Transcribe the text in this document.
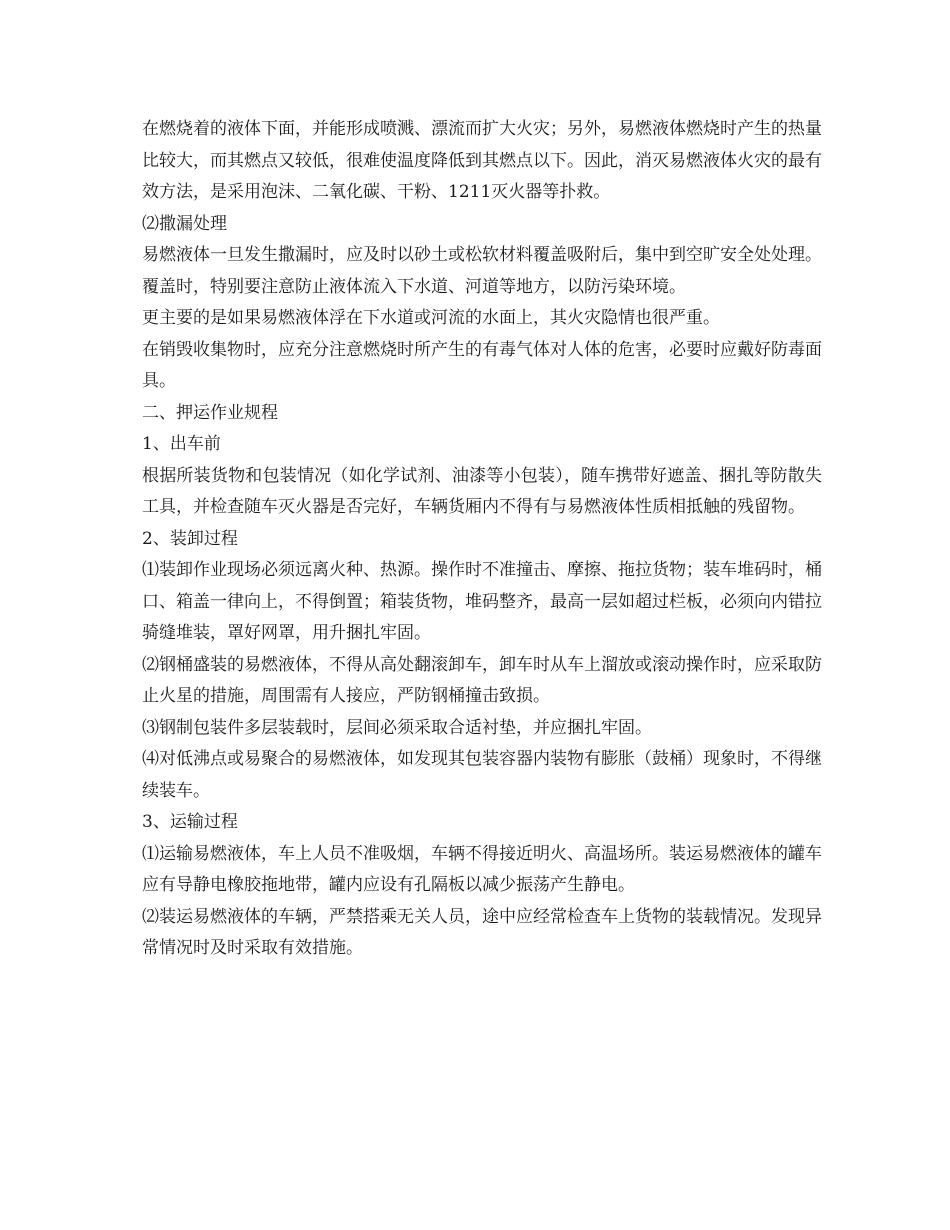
在燃烧着的液体下面，并能形成喷溅、漂流而扩大火灾；另外，易燃液体燃烧时产生的热量比较大，而其燃点又较低，很难使温度降低到其燃点以下。因此，消灭易燃液体火灾的最有效方法，是采用泡沫、二氧化碳、干粉、1211灭火器等扑救。

⑵撒漏处理

易燃液体一旦发生撒漏时，应及时以砂土或松软材料覆盖吸附后，集中到空旷安全处处理。覆盖时，特别要注意防止液体流入下水道、河道等地方，以防污染环境。

更主要的是如果易燃液体浮在下水道或河流的水面上，其火灾隐情也很严重。

在销毁收集物时，应充分注意燃烧时所产生的有毒气体对人体的危害，必要时应戴好防毒面具。

二、押运作业规程

1、出车前

根据所装货物和包装情况（如化学试剂、油漆等小包装），随车携带好遮盖、捆扎等防散失工具，并检查随车灭火器是否完好，车辆货厢内不得有与易燃液体性质相抵触的残留物。

2、装卸过程

⑴装卸作业现场必须远离火种、热源。操作时不准撞击、摩擦、拖拉货物；装车堆码时，桶口、箱盖一律向上，不得倒置；箱装货物，堆码整齐，最高一层如超过栏板，必须向内错拉骑缝堆装，罩好网罩，用升捆扎牢固。

⑵钢桶盛装的易燃液体，不得从高处翻滚卸车，卸车时从车上溜放或滚动操作时，应采取防止火星的措施，周围需有人接应，严防钢桶撞击致损。

⑶钢制包装件多层装载时，层间必须采取合适衬垫，并应捆扎牢固。

⑷对低沸点或易聚合的易燃液体，如发现其包装容器内装物有膨胀（鼓桶）现象时，不得继续装车。

3、运输过程

⑴运输易燃液体，车上人员不准吸烟，车辆不得接近明火、高温场所。装运易燃液体的罐车应有导静电橡胶拖地带，罐内应设有孔隔板以减少振荡产生静电。

⑵装运易燃液体的车辆，严禁搭乘无关人员，途中应经常检查车上货物的装载情况。发现异常情况时及时采取有效措施。
